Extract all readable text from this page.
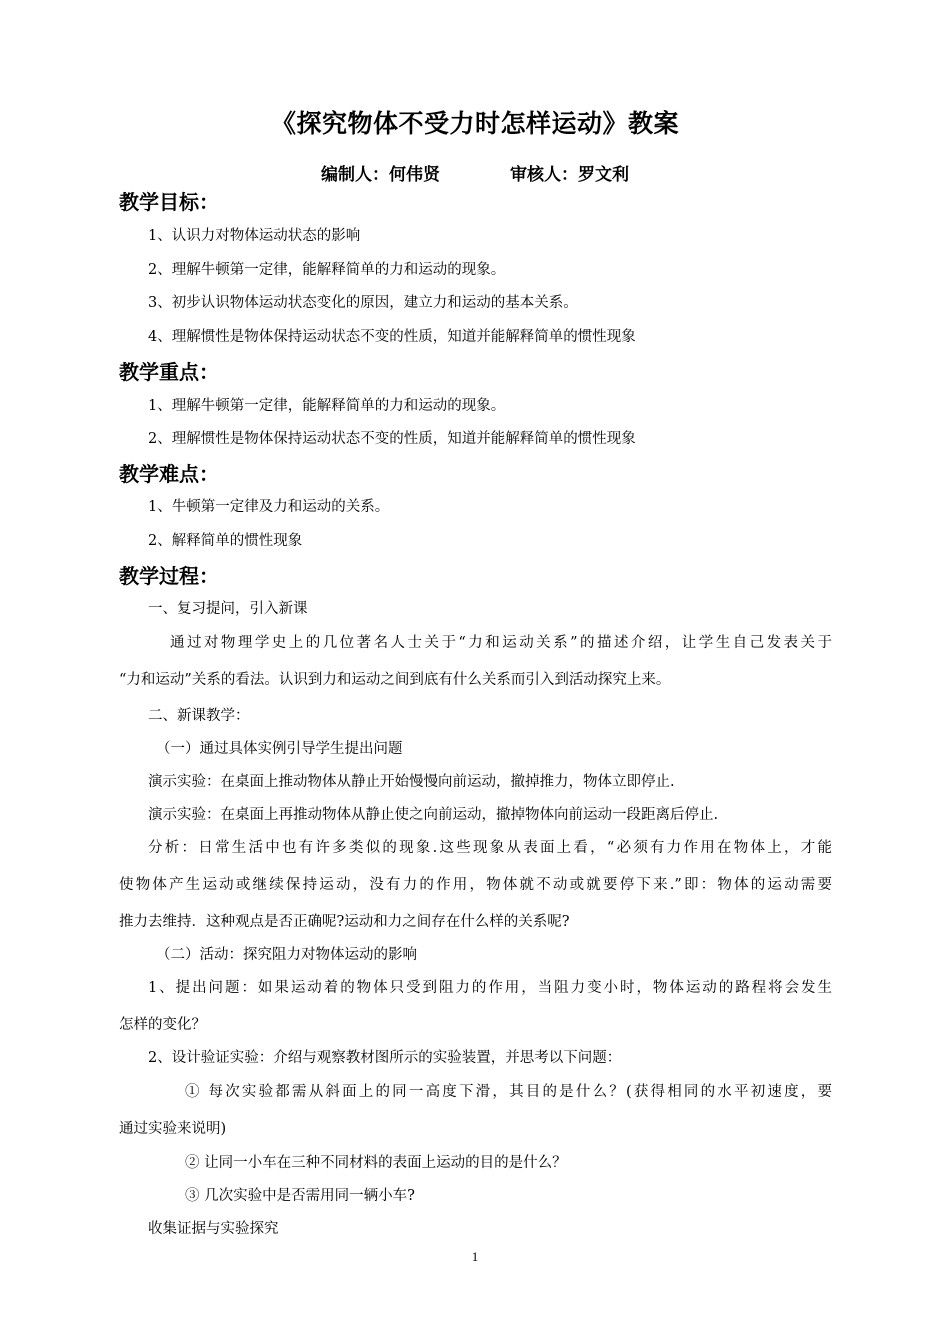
《探究物体不受力时怎样运动》教案
编制人：何伟贤	审核人：罗文利
教学目标：
1、认识力对物体运动状态的影响
2、理解牛顿第一定律，能解释简单的力和运动的现象。
3、初步认识物体运动状态变化的原因，建立力和运动的基本关系。
4、理解惯性是物体保持运动状态不变的性质，知道并能解释简单的惯性现象
教学重点：
1、理解牛顿第一定律，能解释简单的力和运动的现象。
2、理解惯性是物体保持运动状态不变的性质，知道并能解释简单的惯性现象
教学难点：
1、牛顿第一定律及力和运动的关系。
2、解释简单的惯性现象
教学过程：
一、复习提问，引入新课
通过对物理学史上的几位著名人士关于“力和运动关系”的描述介绍，让学生自己发表关于
“力和运动”关系的看法。认识到力和运动之间到底有什么关系而引入到活动探究上来。
二、新课教学：
（一）通过具体实例引导学生提出问题
演示实验：在桌面上推动物体从静止开始慢慢向前运动，撤掉推力，物体立即停止.
演示实验：在桌面上再推动物体从静止使之向前运动，撤掉物体向前运动一段距离后停止.
分析：日常生活中也有许多类似的现象.这些现象从表面上看，“必须有力作用在物体上，才能
使物体产生运动或继续保持运动，没有力的作用，物体就不动或就要停下来.”即：物体的运动需要
推力去维持．这种观点是否正确呢?运动和力之间存在什么样的关系呢?
（二）活动：探究阻力对物体运动的影响
1、提出问题：如果运动着的物体只受到阻力的作用，当阻力变小时，物体运动的路程将会发生
怎样的变化？
2、设计验证实验：介绍与观察教材图所示的实验装置，并思考以下问题：
① 每次实验都需从斜面上的同一高度下滑，其目的是什么？(获得相同的水平初速度，要
通过实验来说明)
② 让同一小车在三种不同材料的表面上运动的目的是什么？
③ 几次实验中是否需用同一辆小车?
收集证据与实验探究
1
